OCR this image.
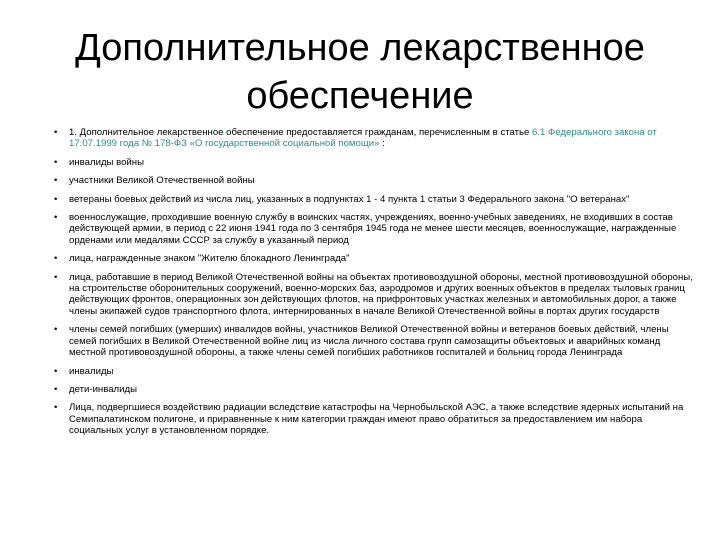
Дополнительное лекарственное обеспечение
• 1. Дополнительное лекарственное обеспечение предоставляется гражданам, перечисленным в статье 6.1 Федерального закона от 17.07.1999 года № 178-ФЗ «О государственной социальной помощи» :
• инвалиды войны
• участники Великой Отечественной войны
• ветераны боевых действий из числа лиц, указанных в подпунктах 1 - 4 пункта 1 статьи 3 Федерального закона "О ветеранах"
• военнослужащие, проходившие военную службу в воинских частях, учреждениях, военно-учебных заведениях, не входивших в состав действующей армии, в период с 22 июня 1941 года по 3 сентября 1945 года не менее шести месяцев, военнослужащие, награжденные орденами или медалями СССР за службу в указанный период
• лица, награжденные знаком "Жителю блокадного Ленинграда"
• лица, работавшие в период Великой Отечественной войны на объектах противовоздушной обороны, местной противовоздушной обороны, на строительстве оборонительных сооружений, военно-морских баз, аэродромов и других военных объектов в пределах тыловых границ действующих фронтов, операционных зон действующих флотов, на прифронтовых участках железных и автомобильных дорог, а также члены экипажей судов транспортного флота, интернированных в начале Великой Отечественной войны в портах других государств
• члены семей погибших (умерших) инвалидов войны, участников Великой Отечественной войны и ветеранов боевых действий, члены семей погибших в Великой Отечественной войне лиц из числа личного состава групп самозащиты объектовых и аварийных команд местной противовоздушной обороны, а также члены семей погибших работников госпиталей и больниц города Ленинграда
• инвалиды
• дети-инвалиды
• Лица, подвергшиеся воздействию радиации вследствие катастрофы на Чернобыльской АЭС, а также вследствие ядерных испытаний на Семипалатинском полигоне, и приравненные к ним категории граждан имеют право обратиться за предоставлением им набора социальных услуг в установленном порядке.
